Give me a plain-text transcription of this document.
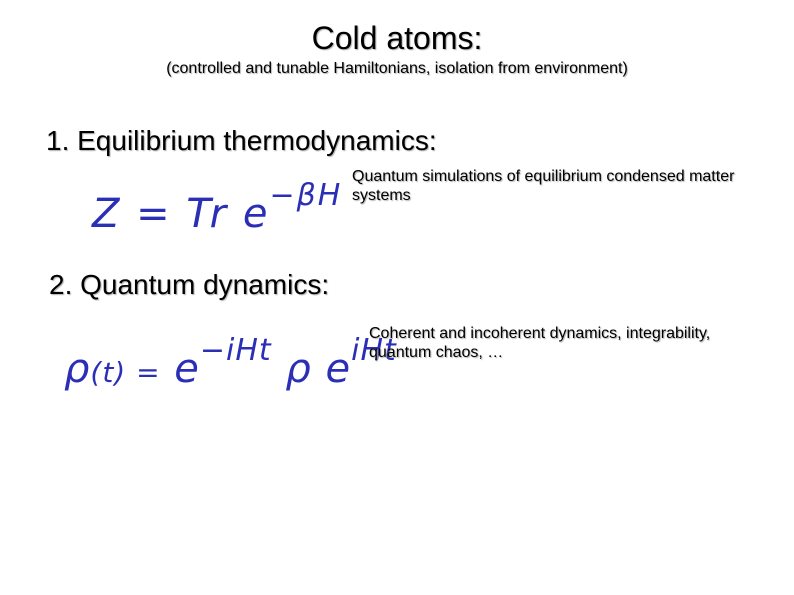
Cold atoms:
(controlled and tunable Hamiltonians, isolation from environment)
1. Equilibrium thermodynamics:
Z = Tr $e^{-\beta H}$
Quantum simulations of equilibrium condensed matter systems
2. Quantum dynamics:
$\rho(t) = e^{-iHt}$ ρ $e^{iHt}$
Coherent and incoherent dynamics, integrability, quantum chaos, …
